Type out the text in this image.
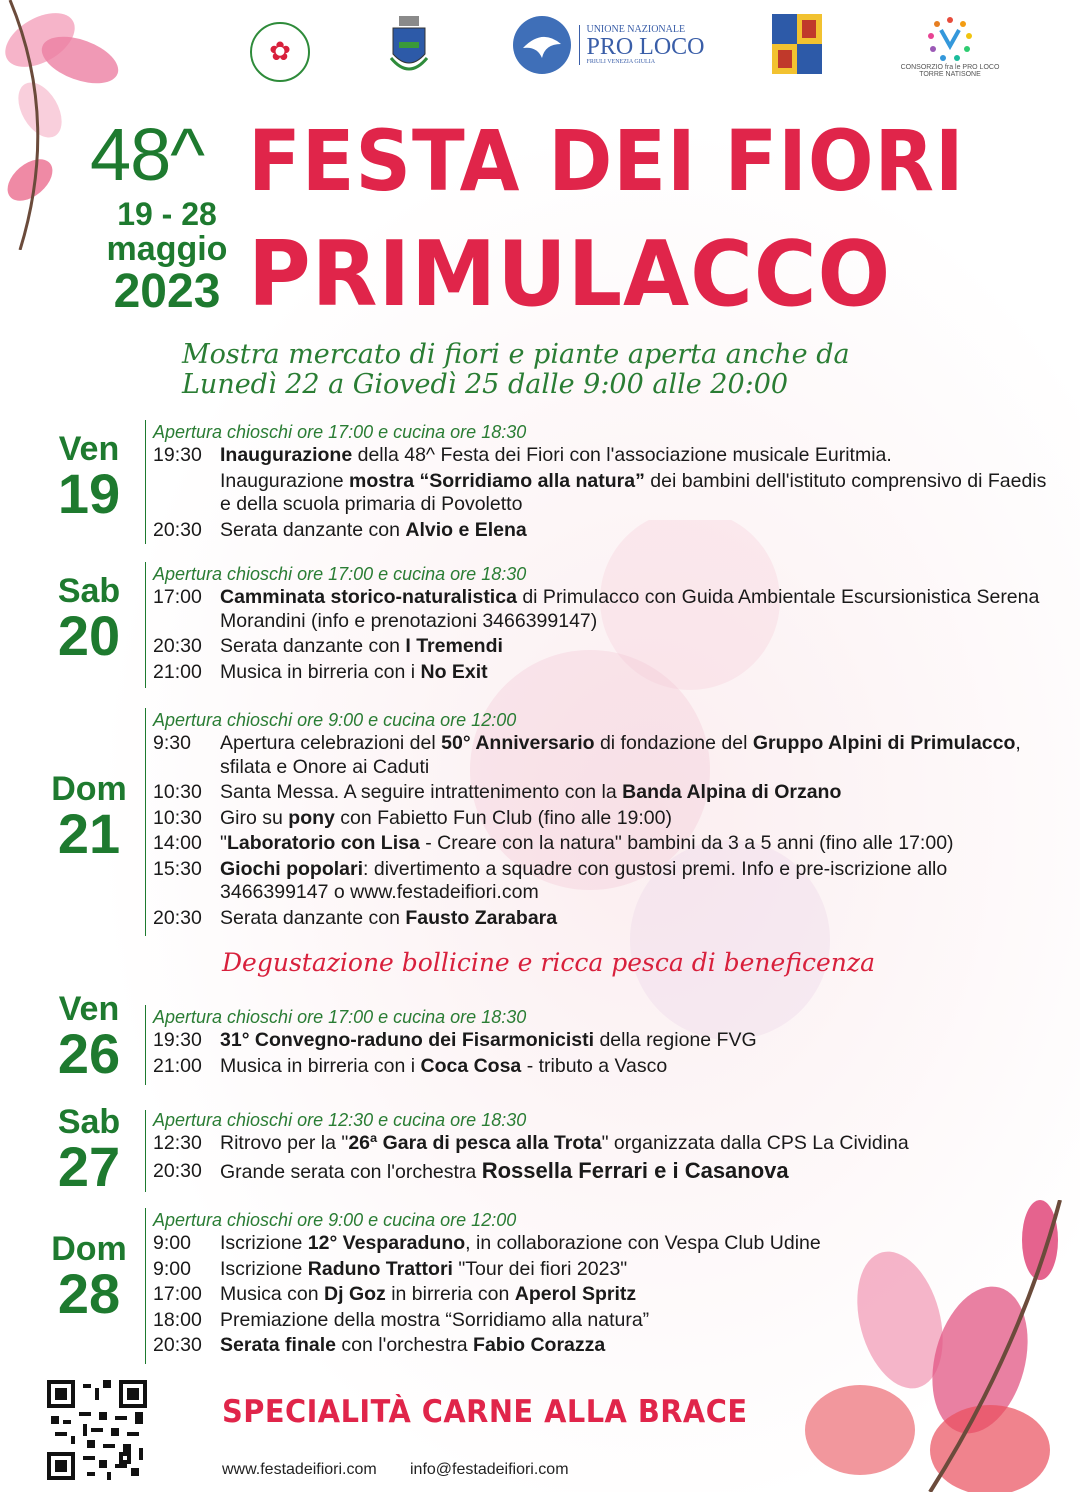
✿
UNIONE NAZIONALE
PRO LOCO
FRIULI VENEZIA GIULIA
CONSORZIO fra le PRO LOCO TORRE NATISONE
48^
19 - 28
maggio
2023
FESTA DEI FIORI
PRIMULACCO
Mostra mercato di fiori e piante aperta anche da
Lunedì 22 a Giovedì 25 dalle 9:00 alle 20:00
Ven
19
Apertura chioschi ore 17:00 e cucina ore 18:30
19:30 Inaugurazione della 48^ Festa dei Fiori con l'associazione musicale Euritmia.
Inaugurazione mostra “Sorridiamo alla natura” dei bambini dell'istituto comprensivo di Faedis e della scuola primaria di Povoletto
20:30 Serata danzante con Alvio e Elena
Sab
20
Apertura chioschi ore 17:00 e cucina ore 18:30
17:00 Camminata storico-naturalistica di Primulacco con Guida Ambientale Escursionistica Serena Morandini (info e prenotazioni 3466399147)
20:30 Serata danzante con I Tremendi
21:00 Musica in birreria con i No Exit
Dom
21
Apertura chioschi ore 9:00 e cucina ore 12:00
9:30	Apertura celebrazioni del 50° Anniversario di fondazione del Gruppo Alpini di Primulacco, sfilata e Onore ai Caduti
10:30 Santa Messa. A seguire intrattenimento con la Banda Alpina di Orzano
10:30 Giro su pony con Fabietto Fun Club (fino alle 19:00)
14:00 "Laboratorio con Lisa - Creare con la natura" bambini da 3 a 5 anni (fino alle 17:00)
15:30 Giochi popolari: divertimento a squadre con gustosi premi. Info e pre-iscrizione allo 3466399147 o www.festadeifiori.com
20:30 Serata danzante con Fausto Zarabara
Degustazione bollicine e ricca pesca di beneficenza
Ven
26
Apertura chioschi ore 17:00 e cucina ore 18:30
19:30 31° Convegno-raduno dei Fisarmonicisti della regione FVG
21:00 Musica in birreria con i Coca Cosa - tributo a Vasco
Sab
27
Apertura chioschi ore 12:30 e cucina ore 18:30
12:30 Ritrovo per la "26ª Gara di pesca alla Trota" organizzata dalla CPS La Cividina
20:30 Grande serata con l'orchestra Rossella Ferrari e i Casanova
Dom
28
Apertura chioschi ore 9:00 e cucina ore 12:00
9:00	Iscrizione 12° Vesparaduno, in collaborazione con Vespa Club Udine
9:00	Iscrizione Raduno Trattori "Tour dei fiori 2023"
17:00 Musica con Dj Goz in birreria con Aperol Spritz
18:00 Premiazione della mostra “Sorridiamo alla natura”
20:30 Serata finale con l'orchestra Fabio Corazza
SPECIALITÀ CARNE ALLA BRACE
www.festadeifiori.com info@festadeifiori.com
